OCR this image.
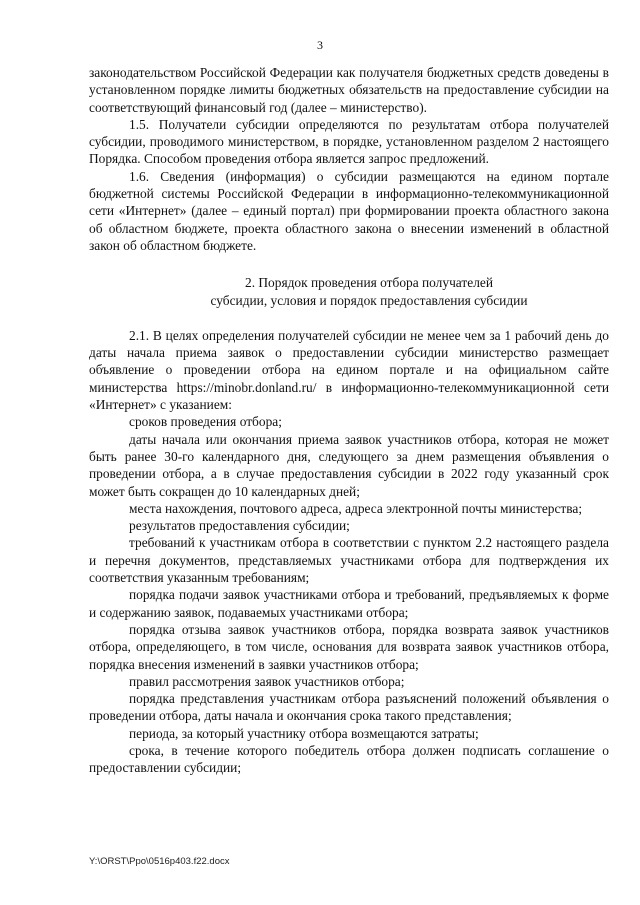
3

законодательством Российской Федерации как получателя бюджетных средств доведены в установленном порядке лимиты бюджетных обязательств на предоставление субсидии на соответствующий финансовый год (далее – министерство).

1.5. Получатели субсидии определяются по результатам отбора получателей субсидии, проводимого министерством, в порядке, установленном разделом 2 настоящего Порядка. Способом проведения отбора является запрос предложений.

1.6. Сведения (информация) о субсидии размещаются на едином портале бюджетной системы Российской Федерации в информационно-телекоммуникационной сети «Интернет» (далее – единый портал) при формировании проекта областного закона об областном бюджете, проекта областного закона о внесении изменений в областной закон об областном бюджете.

2. Порядок проведения отбора получателей

субсидии, условия и порядок предоставления субсидии

2.1. В целях определения получателей субсидии не менее чем за 1 рабочий день до даты начала приема заявок о предоставлении субсидии министерство размещает объявление о проведении отбора на едином портале и на официальном сайте министерства https://minobr.donland.ru/ в информационно-телекоммуникационной сети «Интернет» с указанием:

сроков проведения отбора;

даты начала или окончания приема заявок участников отбора, которая не может быть ранее 30-го календарного дня, следующего за днем размещения объявления о проведении отбора, а в случае предоставления субсидии в 2022 году указанный срок может быть сокращен до 10 календарных дней;

места нахождения, почтового адреса, адреса электронной почты министерства;

результатов предоставления субсидии;

требований к участникам отбора в соответствии с пунктом 2.2 настоящего раздела и перечня документов, представляемых участниками отбора для подтверждения их соответствия указанным требованиям;

порядка подачи заявок участниками отбора и требований, предъявляемых к форме и содержанию заявок, подаваемых участниками отбора;

порядка отзыва заявок участников отбора, порядка возврата заявок участников отбора, определяющего, в том числе, основания для возврата заявок участников отбора, порядка внесения изменений в заявки участников отбора;

правил рассмотрения заявок участников отбора;

порядка представления участникам отбора разъяснений положений объявления о проведении отбора, даты начала и окончания срока такого представления;

периода, за который участнику отбора возмещаются затраты;

срока, в течение которого победитель отбора должен подписать соглашение о предоставлении субсидии;

Y:\ORST\Ppo\0516p403.f22.docx
